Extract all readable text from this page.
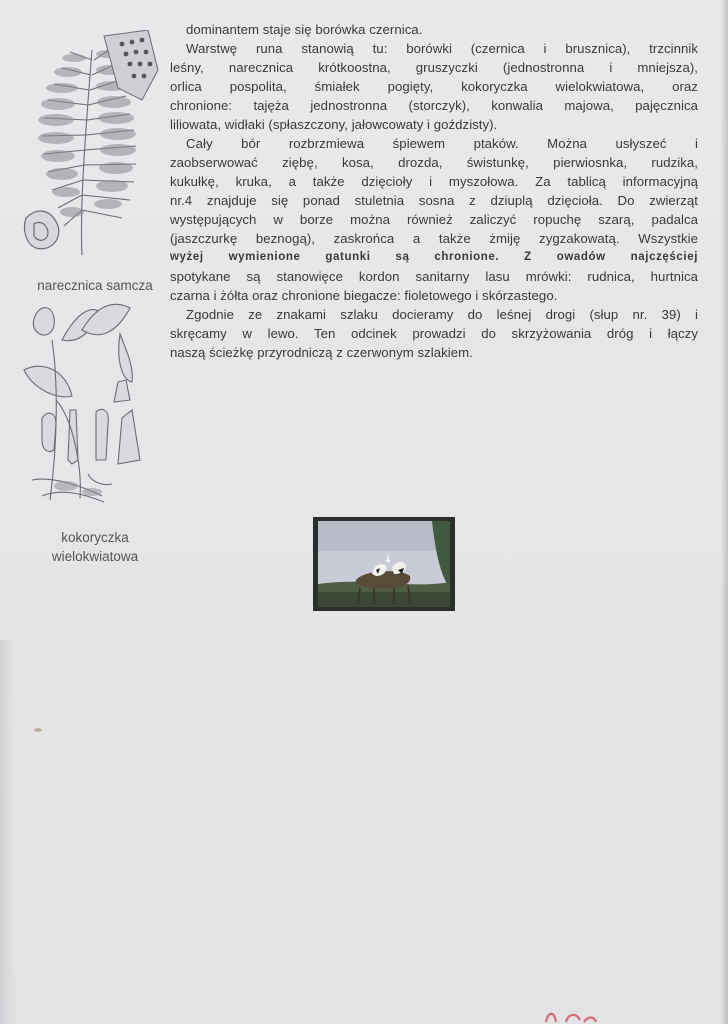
narecznica samcza
kokoryczka
wielokwiatowa
dominantem staje się borówka czernica.
Warstwę runa stanowią tu: borówki (czernica i brusznica), trzcinnik
leśny, narecznica krótkoostna, gruszyczki (jednostronna i mniejsza),
orlica pospolita, śmiałek pogięty, kokoryczka wielokwiatowa, oraz
chronione: tajęża jednostronna (storczyk), konwalia majowa, pajęcznica
liliowata, widłaki (spłaszczony, jałowcowaty i goździsty).
Cały bór rozbrzmiewa śpiewem ptaków. Można usłyszeć i
zaobserwować ziębę, kosa, drozda, świstunkę, pierwiosnka, rudzika,
kukułkę, kruka, a także dzięcioły i myszołowa. Za tablicą informacyjną
nr.4 znajduje się ponad stuletnia sosna z dziuplą dzięcioła. Do zwierząt
występujących w borze można również zaliczyć ropuchę szarą, padalca
(jaszczurkę beznogą), zaskrońca a także żmiję zygzakowatą. Wszystkie
wyżej wymienione gatunki są chronione. Z owadów najczęściej
spotykane są stanowięce kordon sanitarny lasu mrówki: rudnica, hurtnica
czarna i żółta oraz chronione biegacze: fioletowego i skórzastego.
Zgodnie ze znakami szlaku docieramy do leśnej drogi (słup nr. 39) i
skręcamy w lewo. Ten odcinek prowadzi do skrzyżowania dróg i łączy
naszą ścieżkę przyrodniczą z czerwonym szlakiem.
